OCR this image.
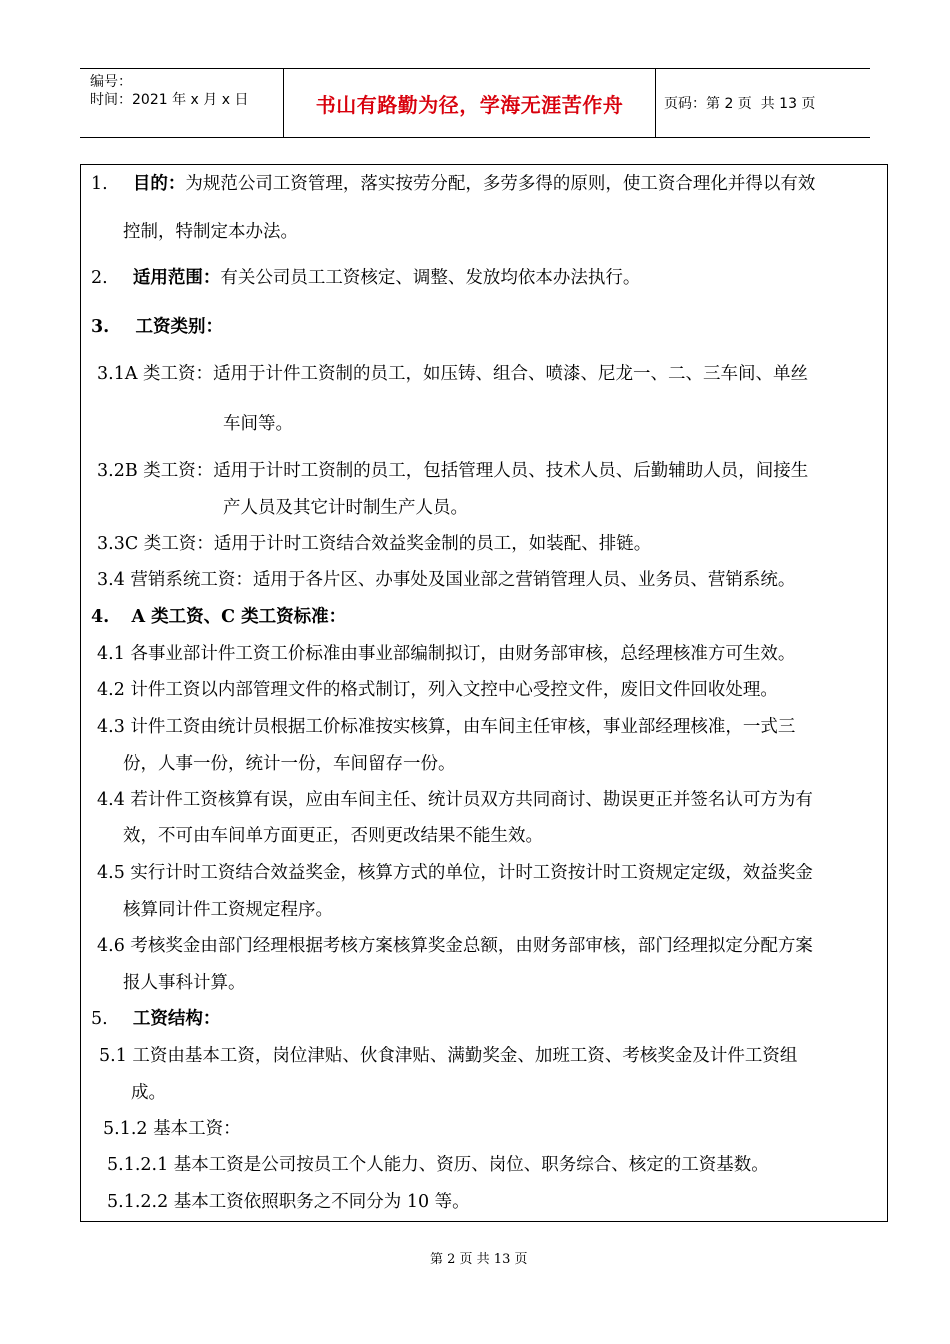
编号：
时间：2021 年 x 月 x 日	书山有路勤为径，学海无涯苦作舟	页码：第 2 页  共 13 页
1. 目的：为规范公司工资管理，落实按劳分配，多劳多得的原则，使工资合理化并得以有效
控制，特制定本办法。
2. 适用范围：有关公司员工工资核定、调整、发放均依本办法执行。
3. 工资类别：
3.1A 类工资：适用于计件工资制的员工，如压铸、组合、喷漆、尼龙一、二、三车间、单丝
车间等。
3.2B 类工资：适用于计时工资制的员工，包括管理人员、技术人员、后勤辅助人员，间接生
产人员及其它计时制生产人员。
3.3C 类工资：适用于计时工资结合效益奖金制的员工，如装配、排链。
3.4 营销系统工资：适用于各片区、办事处及国业部之营销管理人员、业务员、营销系统。
4. A 类工资、C 类工资标准：
4.1 各事业部计件工资工价标准由事业部编制拟订，由财务部审核，总经理核准方可生效。
4.2 计件工资以内部管理文件的格式制订，列入文控中心受控文件，废旧文件回收处理。
4.3 计件工资由统计员根据工价标准按实核算，由车间主任审核，事业部经理核准，一式三
份，人事一份，统计一份，车间留存一份。
4.4 若计件工资核算有误，应由车间主任、统计员双方共同商讨、勘误更正并签名认可方为有
效，不可由车间单方面更正，否则更改结果不能生效。
4.5 实行计时工资结合效益奖金，核算方式的单位，计时工资按计时工资规定定级，效益奖金
核算同计件工资规定程序。
4.6 考核奖金由部门经理根据考核方案核算奖金总额，由财务部审核，部门经理拟定分配方案
报人事科计算。
5. 工资结构：
5.1 工资由基本工资，岗位津贴、伙食津贴、满勤奖金、加班工资、考核奖金及计件工资组
成。
5.1.2 基本工资：
5.1.2.1 基本工资是公司按员工个人能力、资历、岗位、职务综合、核定的工资基数。
5.1.2.2 基本工资依照职务之不同分为 10 等。
第 2 页 共 13 页
